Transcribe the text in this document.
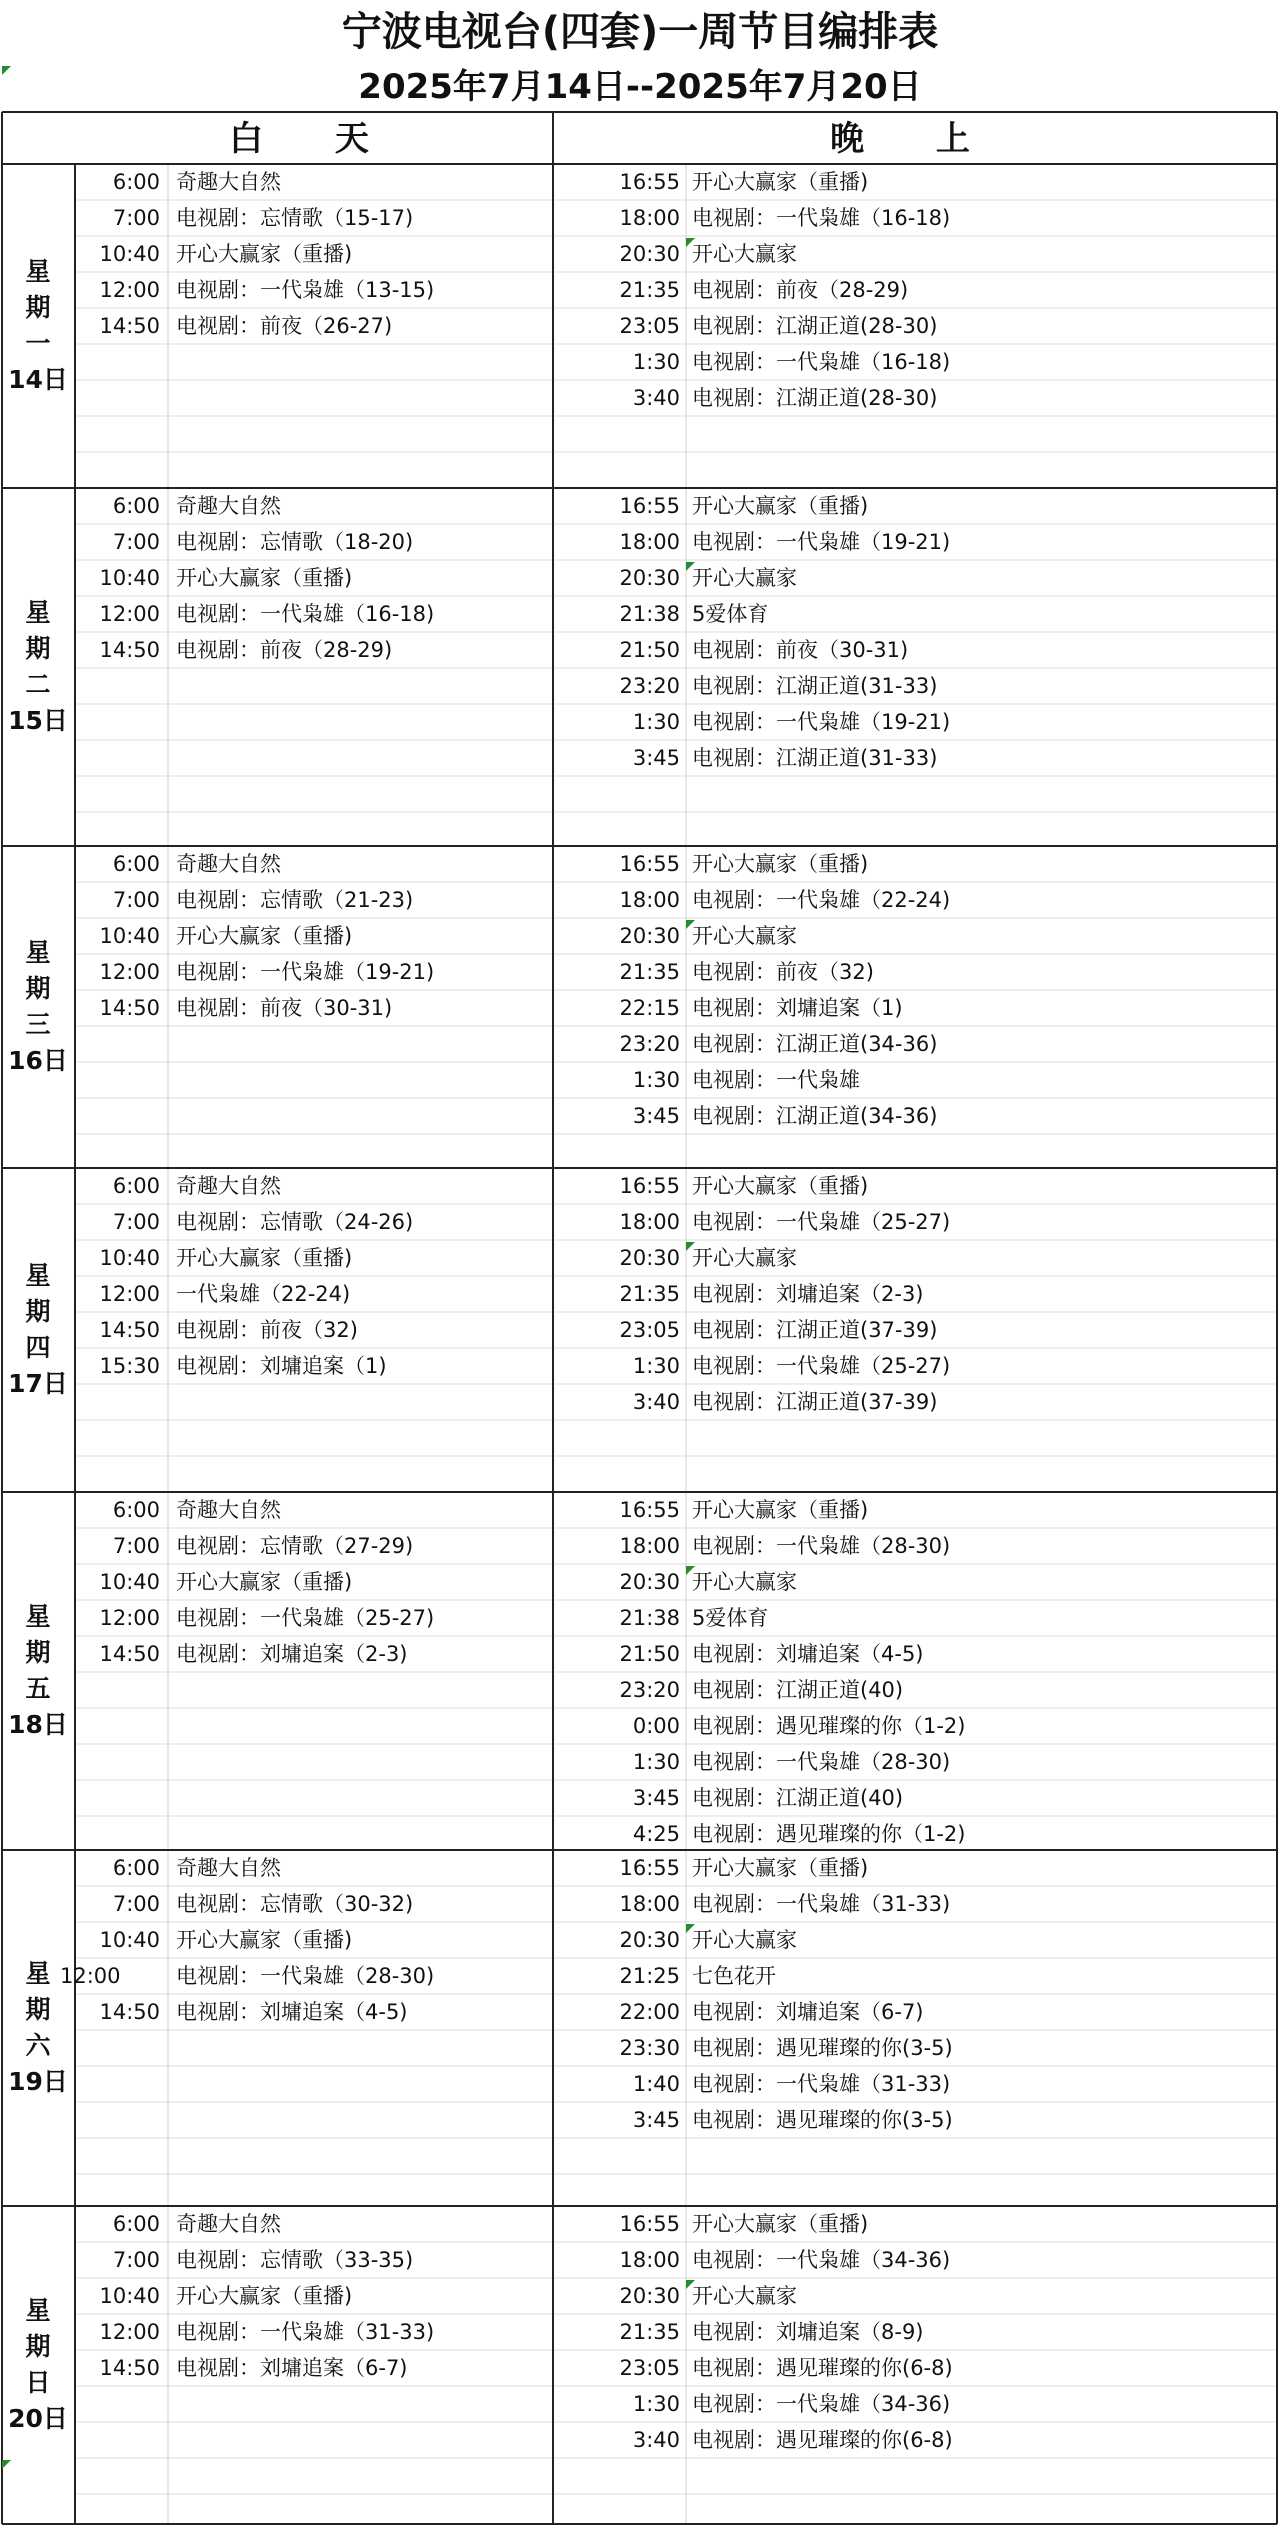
宁波电视台(四套)一周节目编排表
2025年7月14日--2025年7月20日
白 天	晚 上
星
期
一
14日
6:00 奇趣大自然
7:00 电视剧：忘情歌（15-17)
10:40 开心大赢家（重播)
12:00 电视剧：一代枭雄（13-15)
14:50 电视剧：前夜（26-27)
16:55 开心大赢家（重播)
18:00 电视剧：一代枭雄（16-18)
20:30 开心大赢家
21:35 电视剧：前夜（28-29)
23:05 电视剧：江湖正道(28-30)
1:30 电视剧：一代枭雄（16-18)
3:40 电视剧：江湖正道(28-30)
星
期
二
15日
6:00 奇趣大自然
7:00 电视剧：忘情歌（18-20)
10:40 开心大赢家（重播)
12:00 电视剧：一代枭雄（16-18)
14:50 电视剧：前夜（28-29)
16:55 开心大赢家（重播)
18:00 电视剧：一代枭雄（19-21)
20:30 开心大赢家
21:38 5爱体育
21:50 电视剧：前夜（30-31)
23:20 电视剧：江湖正道(31-33)
1:30 电视剧：一代枭雄（19-21)
3:45 电视剧：江湖正道(31-33)
星
期
三
16日
6:00 奇趣大自然
7:00 电视剧：忘情歌（21-23)
10:40 开心大赢家（重播)
12:00 电视剧：一代枭雄（19-21)
14:50 电视剧：前夜（30-31)
16:55 开心大赢家（重播)
18:00 电视剧：一代枭雄（22-24)
20:30 开心大赢家
21:35 电视剧：前夜（32)
22:15 电视剧：刘墉追案（1)
23:20 电视剧：江湖正道(34-36)
1:30 电视剧：一代枭雄
3:45 电视剧：江湖正道(34-36)
星
期
四
17日
6:00 奇趣大自然
7:00 电视剧：忘情歌（24-26)
10:40 开心大赢家（重播)
12:00 一代枭雄（22-24)
14:50 电视剧：前夜（32)
15:30 电视剧：刘墉追案（1)
16:55 开心大赢家（重播)
18:00 电视剧：一代枭雄（25-27)
20:30 开心大赢家
21:35 电视剧：刘墉追案（2-3)
23:05 电视剧：江湖正道(37-39)
1:30 电视剧：一代枭雄（25-27)
3:40 电视剧：江湖正道(37-39)
星
期
五
18日
6:00 奇趣大自然
7:00 电视剧：忘情歌（27-29)
10:40 开心大赢家（重播)
12:00 电视剧：一代枭雄（25-27)
14:50 电视剧：刘墉追案（2-3)
16:55 开心大赢家（重播)
18:00 电视剧：一代枭雄（28-30)
20:30 开心大赢家
21:38 5爱体育
21:50 电视剧：刘墉追案（4-5)
23:20 电视剧：江湖正道(40)
0:00 电视剧：遇见璀璨的你（1-2)
1:30 电视剧：一代枭雄（28-30)
3:45 电视剧：江湖正道(40)
4:25 电视剧：遇见璀璨的你（1-2)
星
期
六
19日
6:00 奇趣大自然
7:00 电视剧：忘情歌（30-32)
10:40 开心大赢家（重播)
12:00	电视剧：一代枭雄（28-30)
14:50 电视剧：刘墉追案（4-5)
16:55 开心大赢家（重播)
18:00 电视剧：一代枭雄（31-33)
20:30 开心大赢家
21:25 七色花开
22:00 电视剧：刘墉追案（6-7)
23:30 电视剧：遇见璀璨的你(3-5)
1:40 电视剧：一代枭雄（31-33)
3:45 电视剧：遇见璀璨的你(3-5)
星
期
日
20日
6:00 奇趣大自然
7:00 电视剧：忘情歌（33-35)
10:40 开心大赢家（重播)
12:00 电视剧：一代枭雄（31-33)
14:50 电视剧：刘墉追案（6-7)
16:55 开心大赢家（重播)
18:00 电视剧：一代枭雄（34-36)
20:30 开心大赢家
21:35 电视剧：刘墉追案（8-9)
23:05 电视剧：遇见璀璨的你(6-8)
1:30 电视剧：一代枭雄（34-36)
3:40 电视剧：遇见璀璨的你(6-8)
